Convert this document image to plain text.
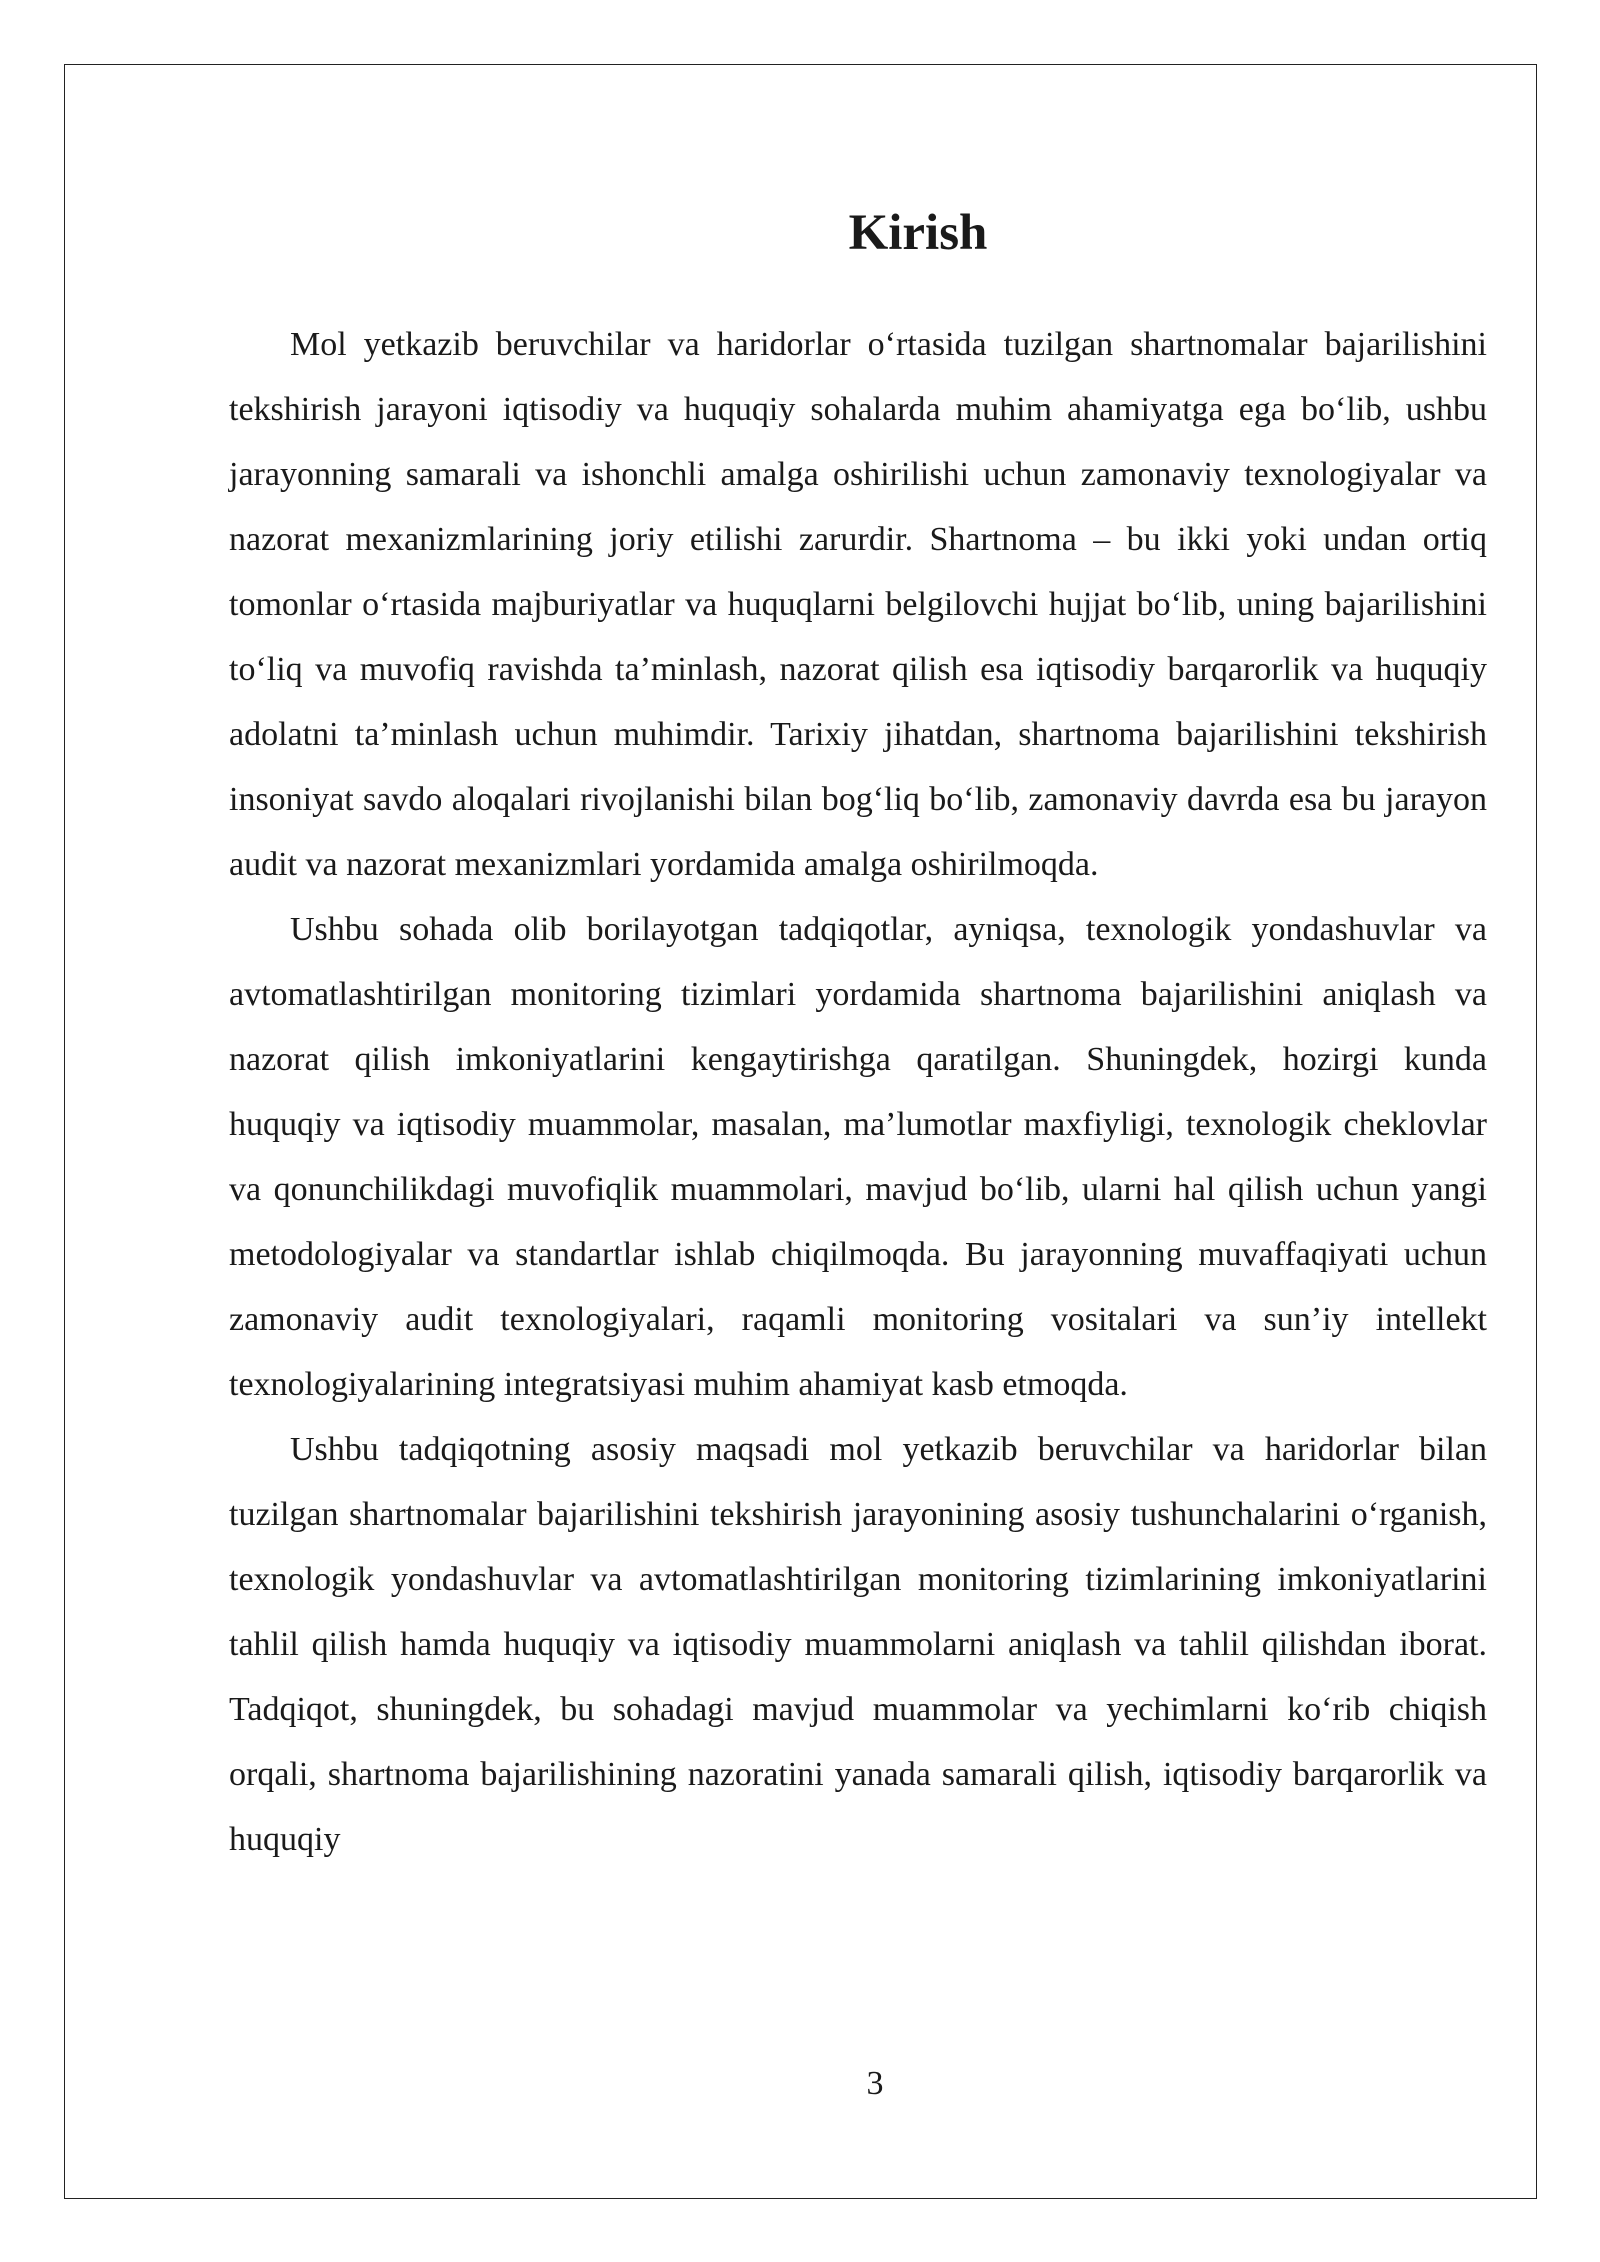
Kirish

Mol yetkazib beruvchilar va haridorlar o‘rtasida tuzilgan shartnomalar bajarilishini tekshirish jarayoni iqtisodiy va huquqiy sohalarda muhim ahamiyatga ega bo‘lib, ushbu jarayonning samarali va ishonchli amalga oshirilishi uchun zamonaviy texnologiyalar va nazorat mexanizmlarining joriy etilishi zarurdir. Shartnoma – bu ikki yoki undan ortiq tomonlar o‘rtasida majburiyatlar va huquqlarni belgilovchi hujjat bo‘lib, uning bajarilishini to‘liq va muvofiq ravishda ta’minlash, nazorat qilish esa iqtisodiy barqarorlik va huquqiy adolatni ta’minlash uchun muhimdir. Tarixiy jihatdan, shartnoma bajarilishini tekshirish insoniyat savdo aloqalari rivojlanishi bilan bog‘liq bo‘lib, zamonaviy davrda esa bu jarayon audit va nazorat mexanizmlari yordamida amalga oshirilmoqda.

Ushbu sohada olib borilayotgan tadqiqotlar, ayniqsa, texnologik yondashuvlar va avtomatlashtirilgan monitoring tizimlari yordamida shartnoma bajarilishini aniqlash va nazorat qilish imkoniyatlarini kengaytirishga qaratilgan. Shuningdek, hozirgi kunda huquqiy va iqtisodiy muammolar, masalan, ma’lumotlar maxfiyligi, texnologik cheklovlar va qonunchilikdagi muvofiqlik muammolari, mavjud bo‘lib, ularni hal qilish uchun yangi metodologiyalar va standartlar ishlab chiqilmoqda. Bu jarayonning muvaffaqiyati uchun zamonaviy audit texnologiyalari, raqamli monitoring vositalari va sun’iy intellekt texnologiyalarining integratsiyasi muhim ahamiyat kasb etmoqda.

Ushbu tadqiqotning asosiy maqsadi mol yetkazib beruvchilar va haridorlar bilan tuzilgan shartnomalar bajarilishini tekshirish jarayonining asosiy tushunchalarini o‘rganish, texnologik yondashuvlar va avtomatlashtirilgan monitoring tizimlarining imkoniyatlarini tahlil qilish hamda huquqiy va iqtisodiy muammolarni aniqlash va tahlil qilishdan iborat. Tadqiqot, shuningdek, bu sohadagi mavjud muammolar va yechimlarni ko‘rib chiqish orqali, shartnoma bajarilishining nazoratini yanada samarali qilish, iqtisodiy barqarorlik va huquqiy

3
